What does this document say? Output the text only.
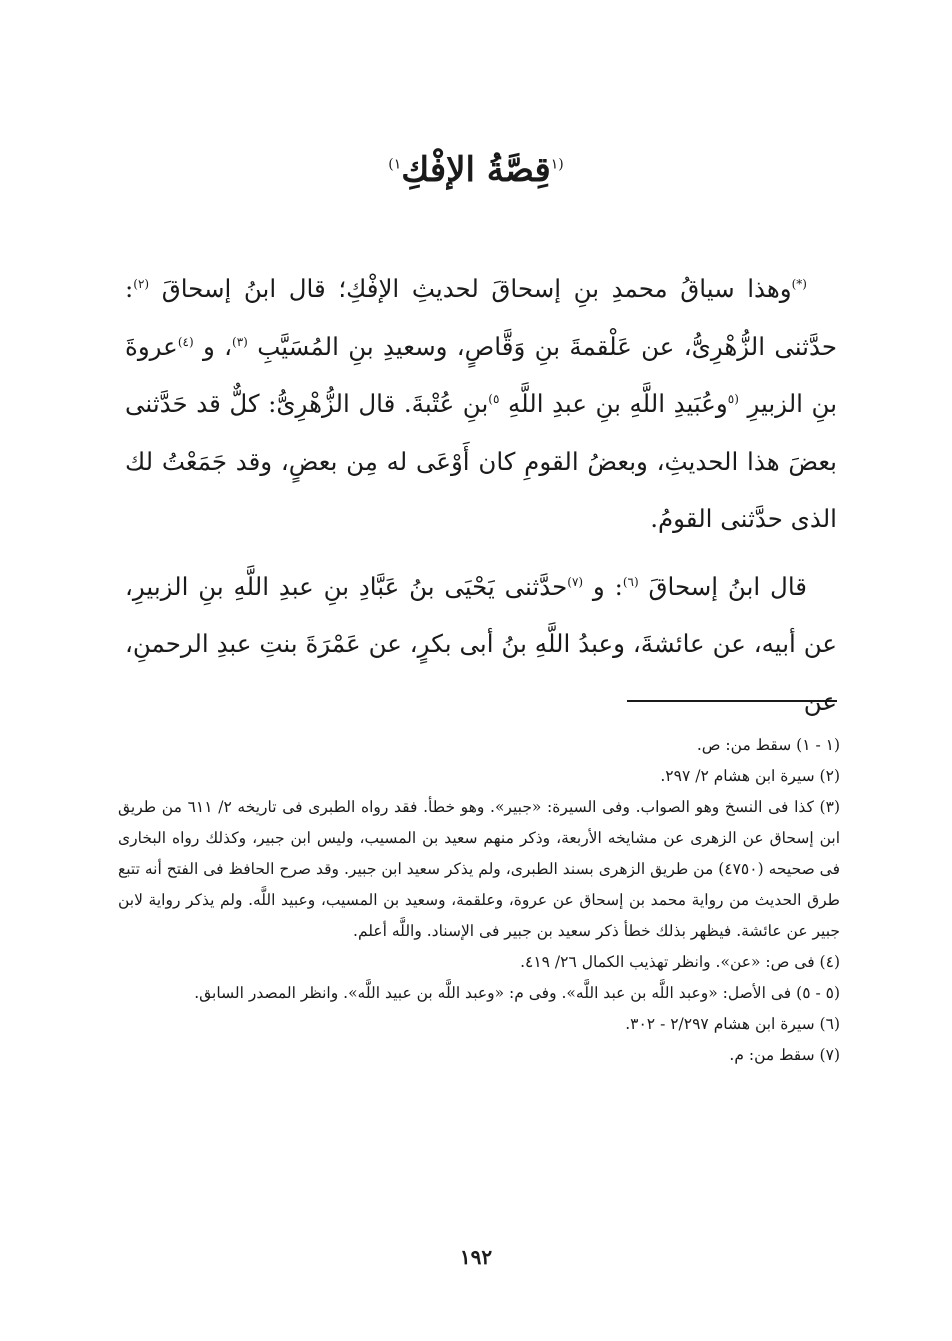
$^{(١}$قِصَّةُ الإفْكِ$^{١)}$

(*)وهذا سياقُ محمدِ بنِ إسحاقَ لحديثِ الإفْكِ؛ قال ابنُ إسحاقَ $^{(٢)}$: حدَّثنى الزُّهْرِىُّ، عن عَلْقمةَ بنِ وَقَّاصٍ، وسعيدِ بنِ المُسَيَّبِ $^{(٣)}$، و $^{(٤)}$عروةَ بنِ الزبيرِ $^{(٥}$وعُبَيدِ اللَّهِ بنِ عبدِ اللَّهِ $^{٥)}$بنِ عُتْبةَ. قال الزُّهْرِىُّ: كلٌّ قد حَدَّثنى بعضَ هذا الحديثِ، وبعضُ القومِ كان أَوْعَى له مِن بعضٍ، وقد جَمَعْتُ لك الذى حدَّثنى القومُ.

قال ابنُ إسحاقَ $^{(٦)}$: و $^{(٧)}$حدَّثنى يَحْيَى بنُ عَبَّادِ بنِ عبدِ اللَّهِ بنِ الزبيرِ، عن أبيه، عن عائشةَ، وعبدُ اللَّهِ بنُ أبى بكرٍ، عن عَمْرَةَ بنتِ عبدِ الرحمنِ، عن

(١ - ١) سقط من: ص.
(٢) سيرة ابن هشام ٢/ ٢٩٧.
(٣) كذا فى النسخ وهو الصواب. وفى السيرة: «جبير». وهو خطأ. فقد رواه الطبرى فى تاريخه ٢/ ٦١١ من طريق ابن إسحاق عن الزهرى عن مشايخه الأربعة، وذكر منهم سعيد بن المسيب، وليس ابن جبير، وكذلك رواه البخارى فى صحيحه (٤٧٥٠) من طريق الزهرى بسند الطبرى، ولم يذكر سعيد ابن جبير. وقد صرح الحافظ فى الفتح أنه تتبع طرق الحديث من رواية محمد بن إسحاق عن عروة، وعلقمة، وسعيد بن المسيب، وعبيد اللَّه. ولم يذكر رواية لابن جبير عن عائشة. فيظهر بذلك خطأ ذكر سعيد بن جبير فى الإسناد. واللَّه أعلم.
(٤) فى ص: «عن». وانظر تهذيب الكمال ٢٦/ ٤١٩.
(٥ - ٥) فى الأصل: «وعبد اللَّه بن عبد اللَّه». وفى م: «وعبد اللَّه بن عبيد اللَّه». وانظر المصدر السابق.
(٦) سيرة ابن هشام ٢/٢٩٧ - ٣٠٢.
(٧) سقط من: م.
١٩٢
